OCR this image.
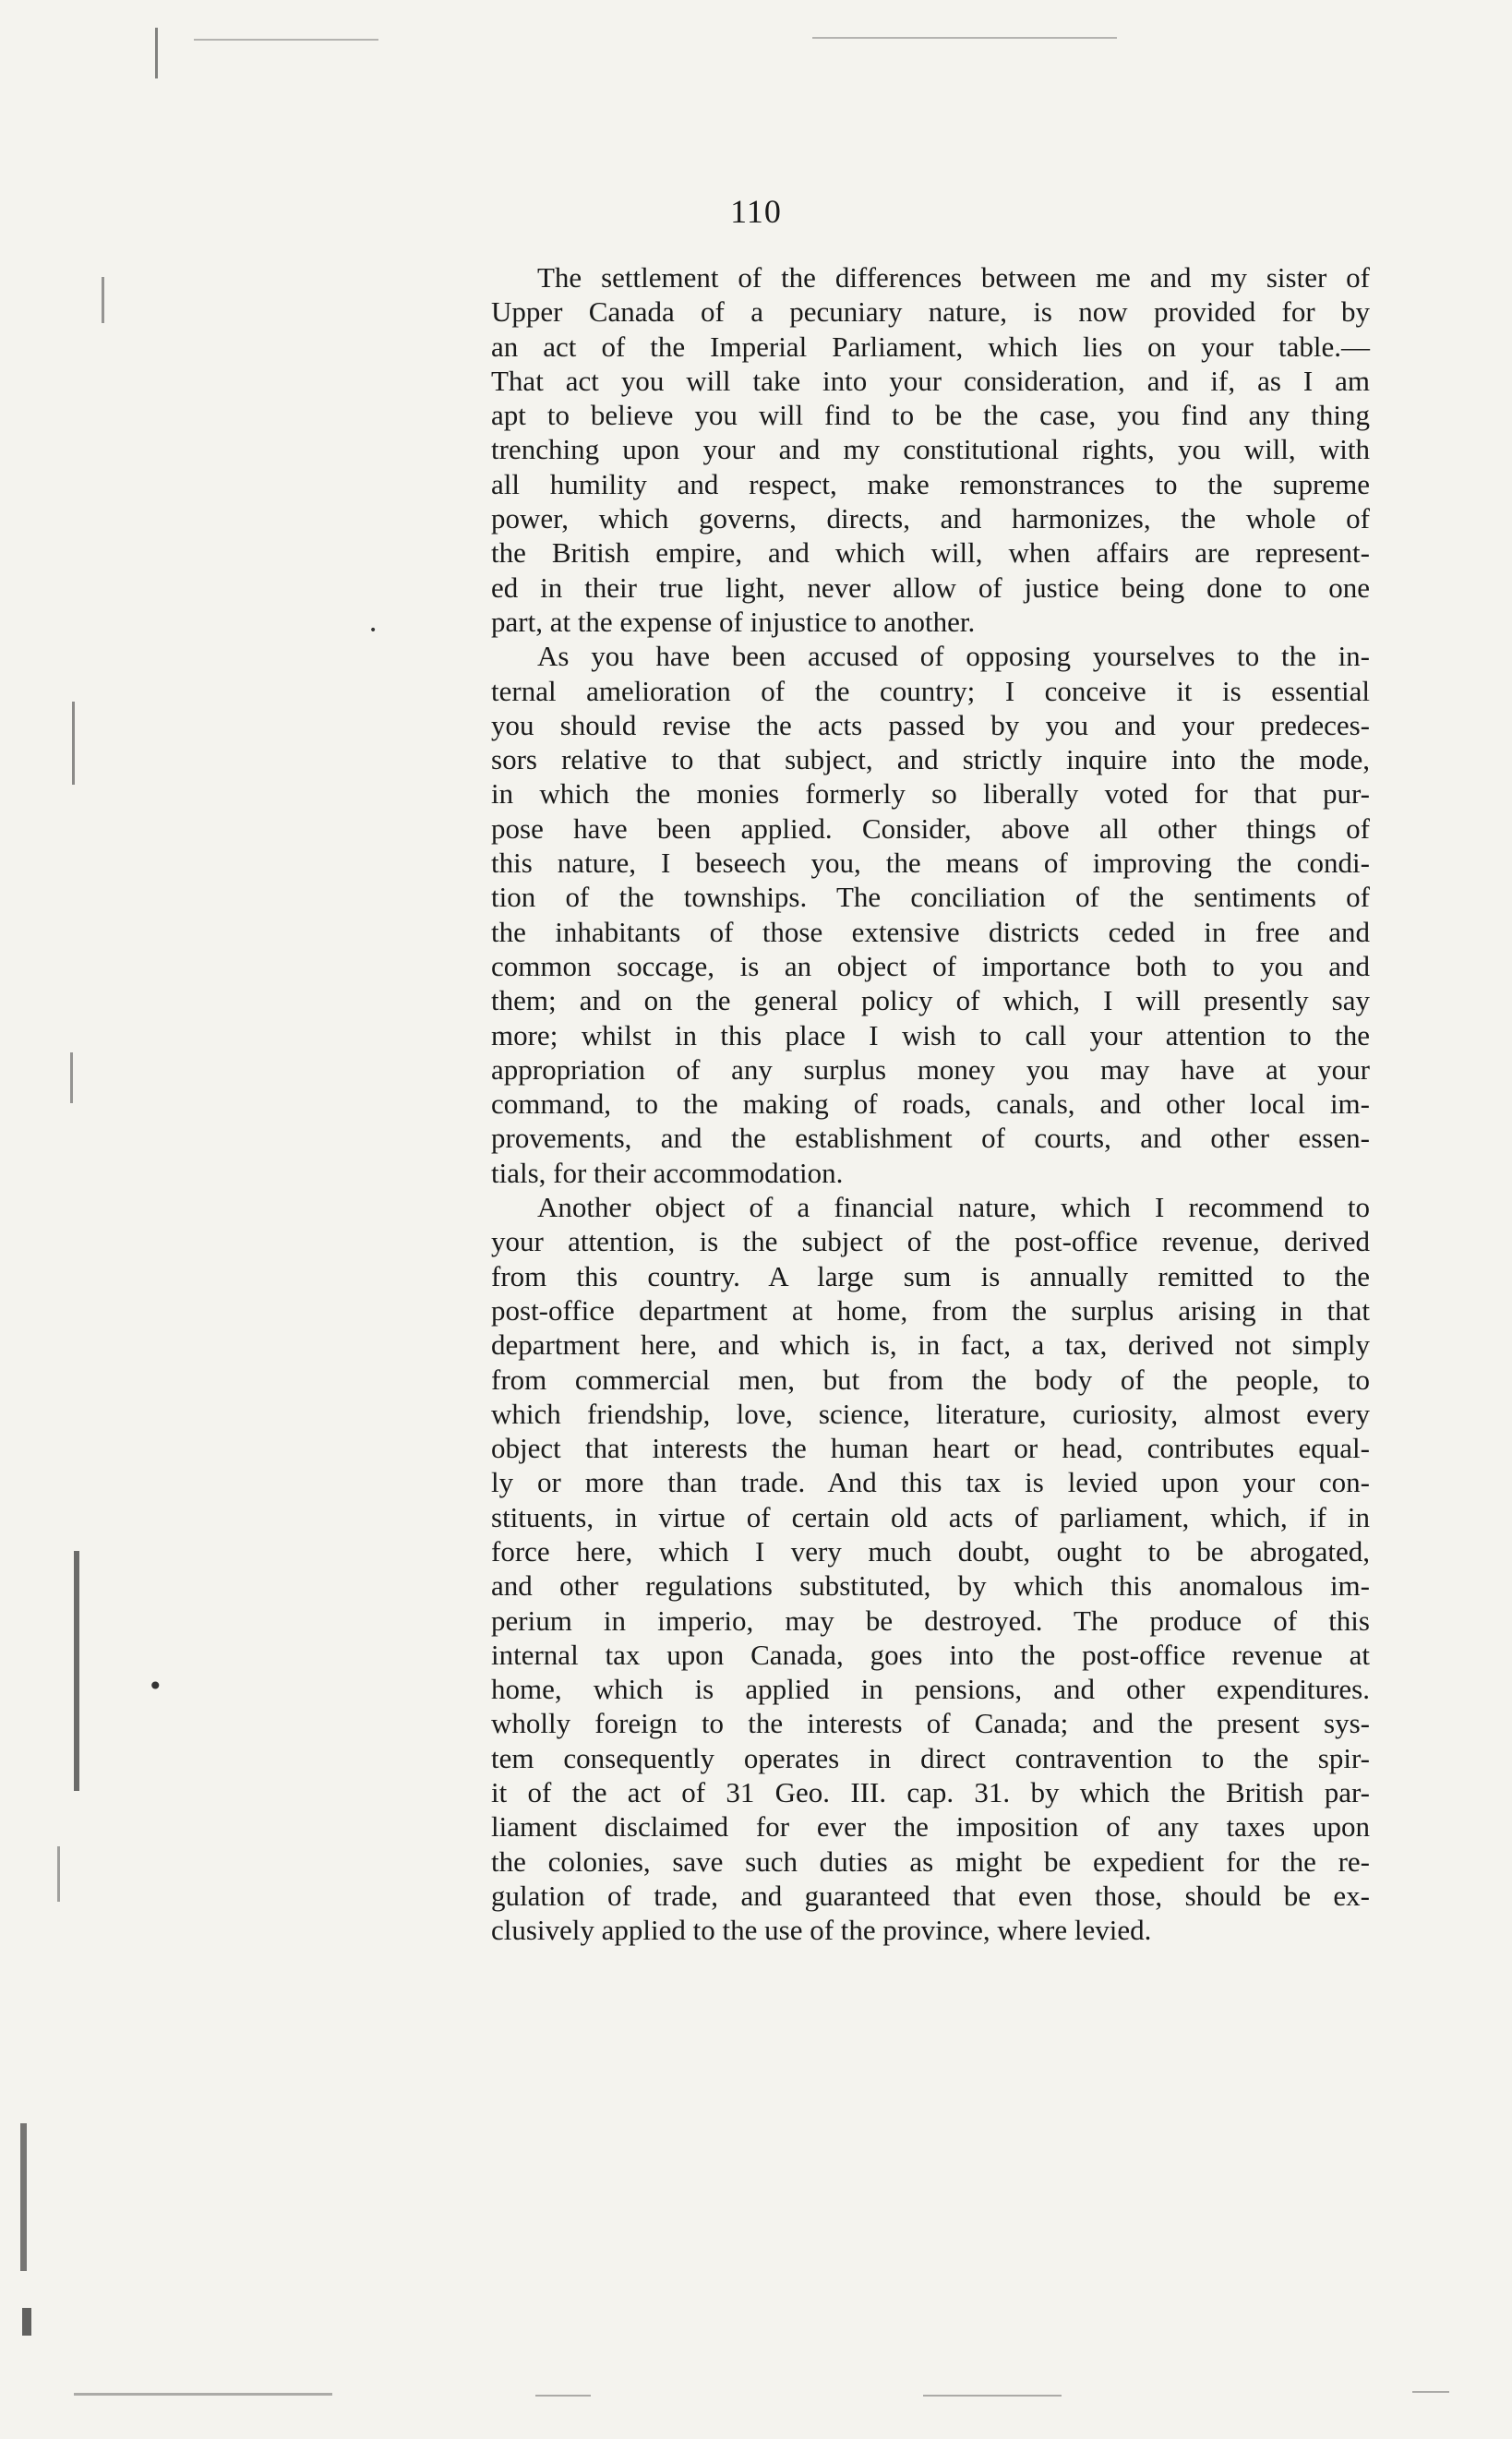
•
•
110
The settlement of the differences between me and my sister of
Upper Canada of a pecuniary nature, is now provided for by
an act of the Imperial Parliament, which lies on your table.—
That act you will take into your consideration, and if, as I am
apt to believe you will find to be the case, you find any thing
trenching upon your and my constitutional rights, you will, with
all humility and respect, make remonstrances to the supreme
power, which governs, directs, and harmonizes, the whole of
the British empire, and which will, when affairs are represent-
ed in their true light, never allow of justice being done to one
part, at the expense of injustice to another.
As you have been accused of opposing yourselves to the in-
ternal amelioration of the country; I conceive it is essential
you should revise the acts passed by you and your predeces-
sors relative to that subject, and strictly inquire into the mode,
in which the monies formerly so liberally voted for that pur-
pose have been applied. Consider, above all other things of
this nature, I beseech you, the means of improving the condi-
tion of the townships. The conciliation of the sentiments of
the inhabitants of those extensive districts ceded in free and
common soccage, is an object of importance both to you and
them; and on the general policy of which, I will presently say
more; whilst in this place I wish to call your attention to the
appropriation of any surplus money you may have at your
command, to the making of roads, canals, and other local im-
provements, and the establishment of courts, and other essen-
tials, for their accommodation.
Another object of a financial nature, which I recommend to
your attention, is the subject of the post-office revenue, derived
from this country. A large sum is annually remitted to the
post-office department at home, from the surplus arising in that
department here, and which is, in fact, a tax, derived not simply
from commercial men, but from the body of the people, to
which friendship, love, science, literature, curiosity, almost every
object that interests the human heart or head, contributes equal-
ly or more than trade. And this tax is levied upon your con-
stituents, in virtue of certain old acts of parliament, which, if in
force here, which I very much doubt, ought to be abrogated,
and other regulations substituted, by which this anomalous im-
perium in imperio, may be destroyed. The produce of this
internal tax upon Canada, goes into the post-office revenue at
home, which is applied in pensions, and other expenditures.
wholly foreign to the interests of Canada; and the present sys-
tem consequently operates in direct contravention to the spir-
it of the act of 31 Geo. III. cap. 31. by which the British par-
liament disclaimed for ever the imposition of any taxes upon
the colonies, save such duties as might be expedient for the re-
gulation of trade, and guaranteed that even those, should be ex-
clusively applied to the use of the province, where levied.
